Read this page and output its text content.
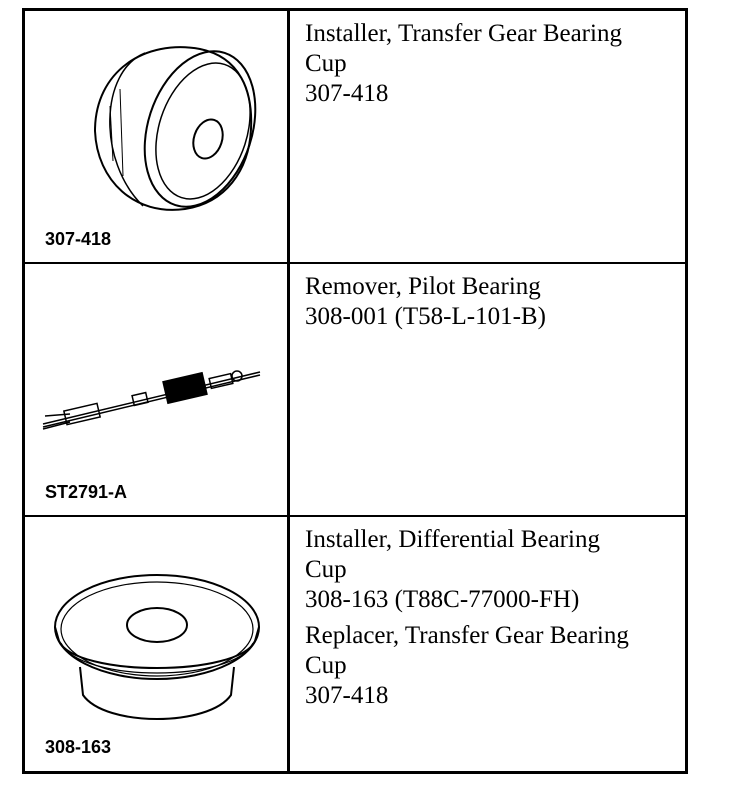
307-418
Installer, Transfer Gear Bearing
Cup
307-418
ST2791-A
Remover, Pilot Bearing
308-001 (T58-L-101-B)
308-163
Installer, Differential Bearing
Cup
308-163 (T88C-77000-FH)
Replacer, Transfer Gear Bearing
Cup
307-418
